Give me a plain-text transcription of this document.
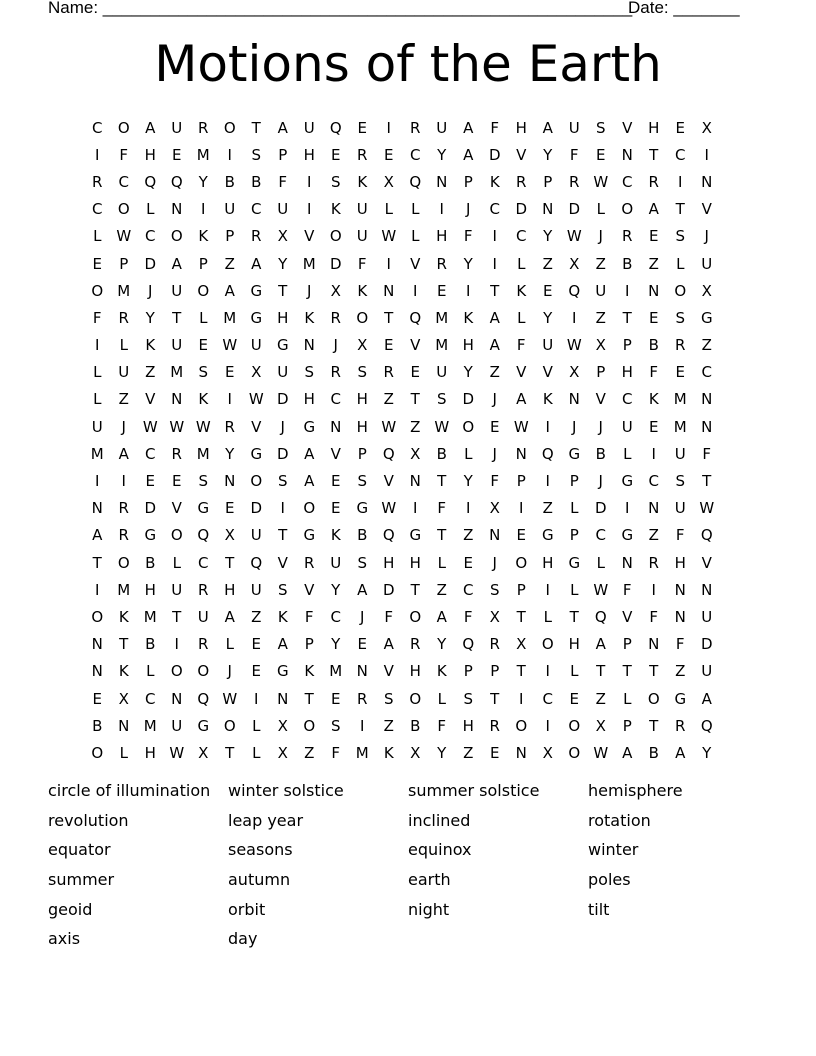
Name: ________________________________________________________
Date: _______
Motions of the Earth
C	O	A	U	R	O	T	A	U	Q	E	I	R	U	A	F	H	A	U	S	V	H	E	X
I	F	H	E	M	I	S	P	H	E	R	E	C	Y	A	D	V	Y	F	E	N	T	C	I
R	C	Q	Q	Y	B	B	F	I	S	K	X	Q	N	P	K	R	P	R	W	C	R	I	N
C	O	L	N	I	U	C	U	I	K	U	L	L	I	J	C	D	N	D	L	O	A	T	V
L	W	C	O	K	P	R	X	V	O	U	W	L	H	F	I	C	Y	W	J	R	E	S	J
E	P	D	A	P	Z	A	Y	M	D	F	I	V	R	Y	I	L	Z	X	Z	B	Z	L	U
O	M	J	U	O	A	G	T	J	X	K	N	I	E	I	T	K	E	Q	U	I	N	O	X
F	R	Y	T	L	M	G	H	K	R	O	T	Q	M	K	A	L	Y	I	Z	T	E	S	G
I	L	K	U	E	W	U	G	N	J	X	E	V	M	H	A	F	U	W	X	P	B	R	Z
L	U	Z	M	S	E	X	U	S	R	S	R	E	U	Y	Z	V	V	X	P	H	F	E	C
L	Z	V	N	K	I	W	D	H	C	H	Z	T	S	D	J	A	K	N	V	C	K	M	N
U	J	W	W	W	R	V	J	G	N	H	W	Z	W	O	E	W	I	J	J	U	E	M	N
M	A	C	R	M	Y	G	D	A	V	P	Q	X	B	L	J	N	Q	G	B	L	I	U	F
I	I	E	E	S	N	O	S	A	E	S	V	N	T	Y	F	P	I	P	J	G	C	S	T
N	R	D	V	G	E	D	I	O	E	G	W	I	F	I	X	I	Z	L	D	I	N	U	W
A	R	G	O	Q	X	U	T	G	K	B	Q	G	T	Z	N	E	G	P	C	G	Z	F	Q
T	O	B	L	C	T	Q	V	R	U	S	H	H	L	E	J	O	H	G	L	N	R	H	V
I	M	H	U	R	H	U	S	V	Y	A	D	T	Z	C	S	P	I	L	W	F	I	N	N
O	K	M	T	U	A	Z	K	F	C	J	F	O	A	F	X	T	L	T	Q	V	F	N	U
N	T	B	I	R	L	E	A	P	Y	E	A	R	Y	Q	R	X	O	H	A	P	N	F	D
N	K	L	O	O	J	E	G	K	M	N	V	H	K	P	P	T	I	L	T	T	T	Z	U
E	X	C	N	Q	W	I	N	T	E	R	S	O	L	S	T	I	C	E	Z	L	O	G	A
B	N	M	U	G	O	L	X	O	S	I	Z	B	F	H	R	O	I	O	X	P	T	R	Q
O	L	H	W	X	T	L	X	Z	F	M	K	X	Y	Z	E	N	X	O	W	A	B	A	Y
circle of illumination	winter solstice	summer solstice	hemisphere
revolution	leap year	inclined	rotation
equator	seasons	equinox	winter
summer	autumn	earth	poles
geoid	orbit	night	tilt
axis	day
